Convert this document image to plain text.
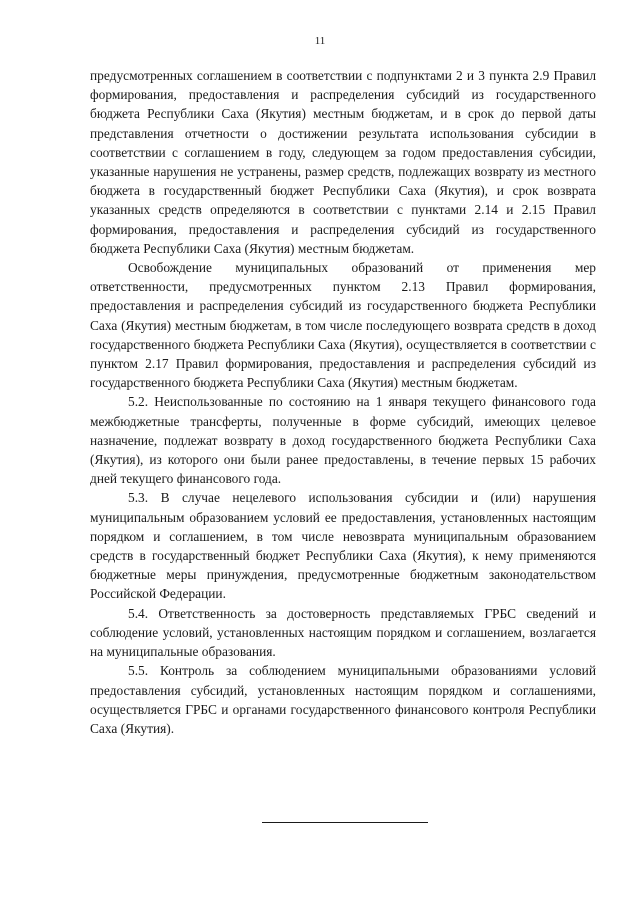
11

предусмотренных соглашением в соответствии с подпунктами 2 и 3 пункта 2.9 Правил формирования, предоставления и распределения субсидий из государственного бюджета Республики Саха (Якутия) местным бюджетам, и в срок до первой даты представления отчетности о достижении результата использования субсидии в соответствии с соглашением в году, следующем за годом предоставления субсидии, указанные нарушения не устранены, размер средств, подлежащих возврату из местного бюджета в государственный бюджет Республики Саха (Якутия), и срок возврата указанных средств определяются в соответствии с пунктами 2.14 и 2.15 Правил формирования, предоставления и распределения субсидий из государственного бюджета Республики Саха (Якутия) местным бюджетам.

Освобождение муниципальных образований от применения мер ответственности, предусмотренных пунктом 2.13 Правил формирования, предоставления и распределения субсидий из государственного бюджета Республики Саха (Якутия) местным бюджетам, в том числе последующего возврата средств в доход государственного бюджета Республики Саха (Якутия), осуществляется в соответствии с пунктом 2.17 Правил формирования, предоставления и распределения субсидий из государственного бюджета Республики Саха (Якутия) местным бюджетам.

5.2. Неиспользованные по состоянию на 1 января текущего финансового года межбюджетные трансферты, полученные в форме субсидий, имеющих целевое назначение, подлежат возврату в доход государственного бюджета Республики Саха (Якутия), из которого они были ранее предоставлены, в течение первых 15 рабочих дней текущего финансового года.

5.3. В случае нецелевого использования субсидии и (или) нарушения муниципальным образованием условий ее предоставления, установленных настоящим порядком и соглашением, в том числе невозврата муниципальным образованием средств в государственный бюджет Республики Саха (Якутия), к нему применяются бюджетные меры принуждения, предусмотренные бюджетным законодательством Российской Федерации.

5.4. Ответственность за достоверность представляемых ГРБС сведений и соблюдение условий, установленных настоящим порядком и соглашением, возлагается на муниципальные образования.

5.5. Контроль за соблюдением муниципальными образованиями условий предоставления субсидий, установленных настоящим порядком и соглашениями, осуществляется ГРБС и органами государственного финансового контроля Республики Саха (Якутия).
